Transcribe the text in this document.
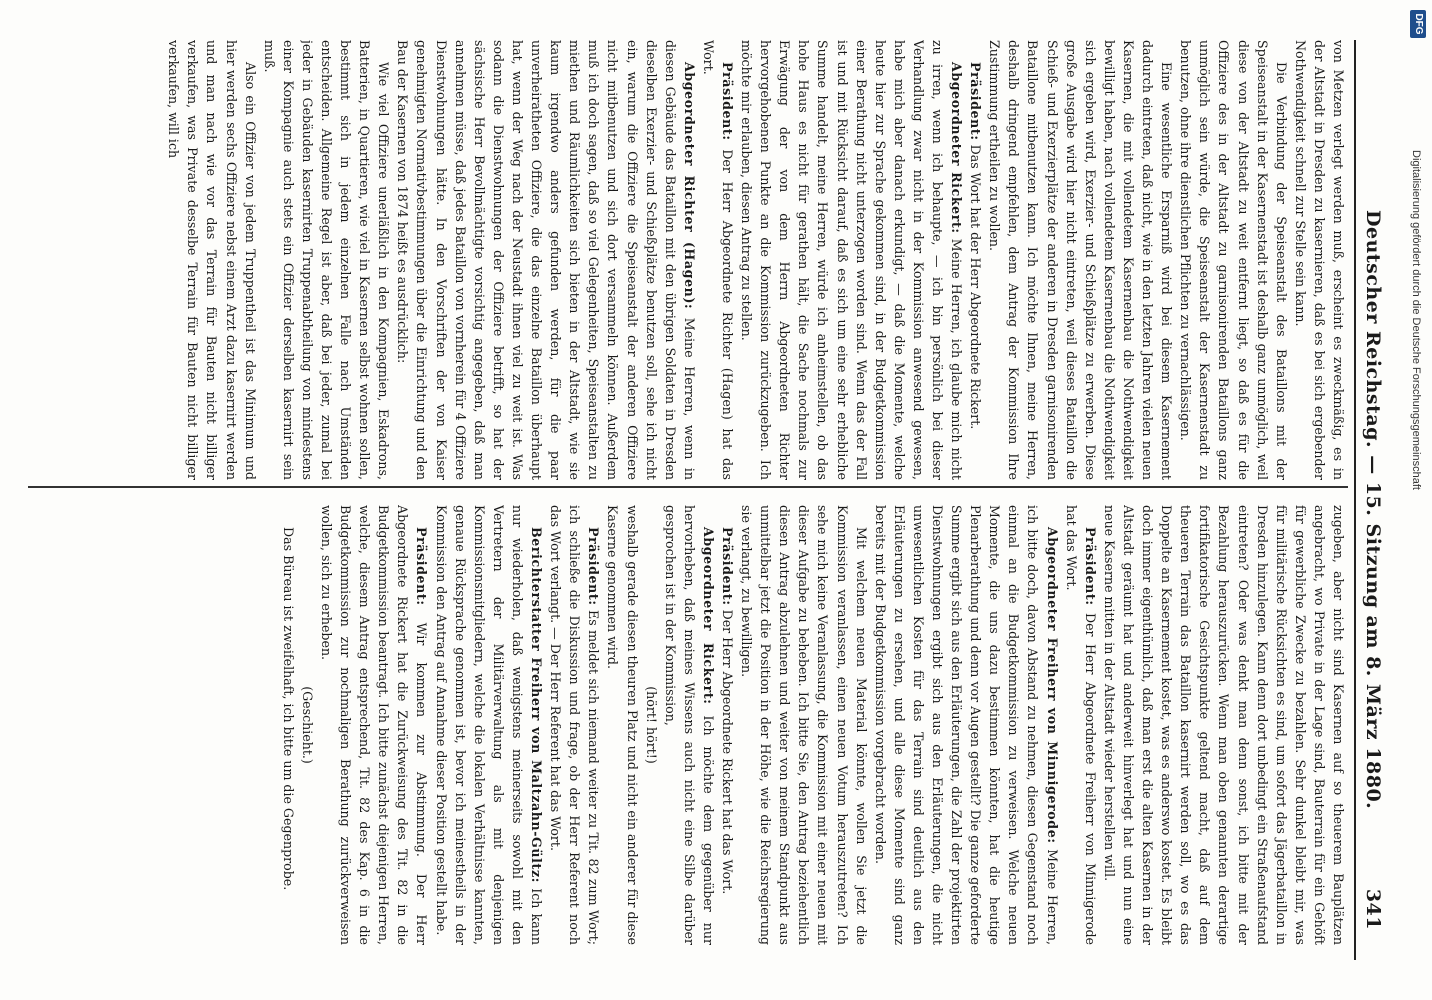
DFG
Digitalisierung gefördert durch die Deutsche Forschungsgemeinschaft
Deutscher Reichstag. — 15. Sitzung am 8. März 1880.
341

von Metzen verlegt werden muß, erscheint es zweckmäßig, es in der Altstadt in Dresden zu kasernieren, daß es bei sich ergebender Nothwendigkeit schnell zur Stelle sein kann.

Die Verbindung der Speiseanstalt des Bataillons mit der Speiseanstalt in der Kasernenstadt ist deshalb ganz unmöglich, weil diese von der Altstadt zu weit entfernt liegt, so daß es für die Offiziere des in der Altstadt zu garnisonirenden Bataillons ganz unmöglich sein würde, die Speiseanstalt der Kasernenstadt zu benutzen, ohne ihre dienstlichen Pflichten zu vernachlässigen.

Eine wesentliche Ersparniß wird bei diesem Kasernement dadurch eintreten, daß nicht, wie in den letzten Jahren vielen neuen Kasernen, die mit vollendetem Kasernenbau die Nothwendigkeit bewilligt haben, nach vollendetem Kasernenbau die Nothwendigkeit sich ergeben wird, Exerzier- und Schießplätze zu erwerben. Diese große Ausgabe wird hier nicht eintreten, weil dieses Bataillon die Schieß- und Exerzierplätze der anderen in Dresden garnisonirenden Bataillone mitbenutzen kann. Ich möchte Ihnen, meine Herren, deshalb dringend empfehlen, dem Antrag der Kommission Ihre Zustimmung ertheilen zu wollen.

Präsident: Das Wort hat der Herr Abgeordnete Rickert.

Abgeordneter Rickert: Meine Herren, ich glaube mich nicht zu irren, wenn ich behaupte, — ich bin persönlich bei dieser Verhandlung zwar nicht in der Kommission anwesend gewesen, habe mich aber danach erkundigt, — daß die Momente, welche heute hier zur Sprache gekommen sind, in der Budgetkommission einer Berathung nicht unterzogen worden sind. Wenn das der Fall ist und mit Rücksicht darauf, daß es sich um eine sehr erhebliche Summe handelt, meine Herren, würde ich anheimstellen, ob das hohe Haus es nicht für gerathen hält, die Sache nochmals zur Erwägung der von dem Herrn Abgeordneten Richter hervorgehobenen Punkte an die Kommission zurückzugeben. Ich möchte mir erlauben, diesen Antrag zu stellen.

Präsident: Der Herr Abgeordnete Richter (Hagen) hat das Wort.

Abgeordneter Richter (Hagen): Meine Herren, wenn in diesen Gebäude das Bataillon mit den übrigen Soldaten in Dresden dieselben Exerzier- und Schießplätze benutzen soll, sehe ich nicht ein, warum die Offiziere die Speiseanstalt der anderen Offiziere nicht mitbenutzen und sich dort versammeln können. Außerdem muß ich doch sagen, daß so viel Gelegenheiten, Speiseanstalten zu miethen und Räumlichkeiten sich bieten in der Altstadt, wie sie kaum irgendwo anders gefunden werden, für die paar unverheiratheten Offiziere, die das einzelne Bataillon überhaupt hat, wenn der Weg nach der Neustadt ihnen viel zu weit ist. Was sodann die Dienstwohnungen der Offiziere betrifft, so hat der sächsische Herr Bevollmächtigte vorsichtig angegeben, daß man annehmen müsse, daß jedes Bataillon von vornherein für 4 Offiziere Dienstwohnungen hätte. In den Vorschriften der von Kaiser genehmigten Normativbestimmungen über die Einrichtung und den Bau der Kasernen von 1874 heißt es ausdrücklich:

Wie viel Offiziere unerläßlich in den Kompagnien, Eskadrons, Batterien, in Quartieren, wie viel in Kasernen selbst wohnen sollen, bestimmt sich in jedem einzelnen Falle nach Umständen entscheiden. Allgemeine Regel ist aber, daß bei jeder, zumal bei jeder in Gebäuden kasernirten Truppenabtheilung von mindestens einer Kompagnie auch stets ein Offizier derselben kasernirt sein muß.

Also ein Offizier von jedem Truppentheil ist das Minimum und hier werden sechs Offiziere nebst einem Arzt dazu kasernirt werden und man nach wie vor das Terrain für Bauten nicht billiger verkaufen, was Private desselbe Terrain für Bauten nicht billiger verkaufen, will ich

zugeben, aber nicht sind Kasernen auf so theuerem Bauplätzen angebracht, wo Private in der Lage sind, Bauterrain für ein Gehöft für gewerbliche Zwecke zu bezahlen. Sehr dunkel bleibt mir, was für militärische Rücksichten es sind, um sofort das Jägerbataillon in Dresden hinzulegen. Kann denn dort unbedingt ein Straßenaufstand eintreten? Oder was denkt man denn sonst, ich bitte mit der Bezahlung herauszurücken. Wenn man oben genannten derartige fortifikatorische Gesichtspunkte geltend macht, daß auf dem theueren Terrain das Bataillon kasernirt werden soll, wo es das Doppelte an Kasernement kostet, was es anderswo kostet. Es bleibt doch immer eigenthümlich, daß man erst die alten Kasernen in der Altstadt geräumt hat und anderweit hinverlegt hat und nun eine neue Kaserne mitten in der Altstadt wieder herstellen will.

Präsident: Der Herr Abgeordnete Freiherr von Minnigerode hat das Wort.

Abgeordneter Freiherr von Minnigerode: Meine Herren, ich bitte doch, davon Abstand zu nehmen, diesen Gegenstand noch einmal an die Budgetkommission zu verweisen. Welche neuen Momente, die uns dazu bestimmen könnten, hat die heutige Plenarberathung und denn vor Augen gestellt? Die ganze geforderte Summe ergibt sich aus den Erläuterungen, die Zahl der projektirten Dienstwohnungen ergibt sich aus den Erläuterungen, die nicht unwesentlichen Kosten für das Terrain sind deutlich aus den Erläuterungen zu ersehen, und alle diese Momente sind ganz bereits mit der Budgetkommission vorgebracht worden.

Mit welchem neuen Material könnte, wollen Sie jetzt die Kommission veranlassen, einen neuen Votum herauszutreten? Ich sehe mich keine Veranlassung, die Kommission mit einer neuen mit dieser Aufgabe zu beheben. Ich bitte Sie, den Antrag beziehentlich diesen Antrag abzulehnen und weiter von meinem Standpunkt aus unmittelbar jetzt die Position in der Höhe, wie die Reichsregierung sie verlangt, zu bewilligen.

Präsident: Der Herr Abgeordnete Rickert hat das Wort.

Abgeordneter Rickert: Ich möchte dem gegenüber nur hervorheben, daß meines Wissens auch nicht eine Silbe darüber gesprochen ist in der Kommission,

(hört! hört!)

weshalb gerade diesen theuren Platz und nicht ein anderer für diese Kaserne genommen wird.

Präsident: Es meldet sich niemand weiter zu Tit. 82 zum Wort; ich schließe die Diskussion und frage, ob der Herr Referent noch das Wort verlangt. — Der Herr Referent hat das Wort.

Berichterstatter Freiherr von Maltzahn-Gültz: Ich kann nur wiederholen, daß wenigstens meinerseits sowohl mit den Vertretern der Militärverwaltung als mit denjenigen Kommissionsmitgliedern, welche die lokalen Verhältnisse kannten, genaue Rücksprache genommen ist, bevor ich meinestheils in der Kommission den Antrag auf Annahme dieser Position gestellt habe.

Präsident: Wir kommen zur Abstimmung. Der Herr Abgeordnete Rickert hat die Zurückweisung des Tit. 82 in die Budgetkommission beantragt. Ich bitte zunächst diejenigen Herren, welche, diesem Antrag entsprechend, Tit. 82 des Kap. 6 in die Budgetkommission zur nochmaligen Berathung zurückverweisen wollen, sich zu erheben.

(Geschieht.)

Das Büreau ist zweifelhaft, ich bitte um die Gegenprobe.
